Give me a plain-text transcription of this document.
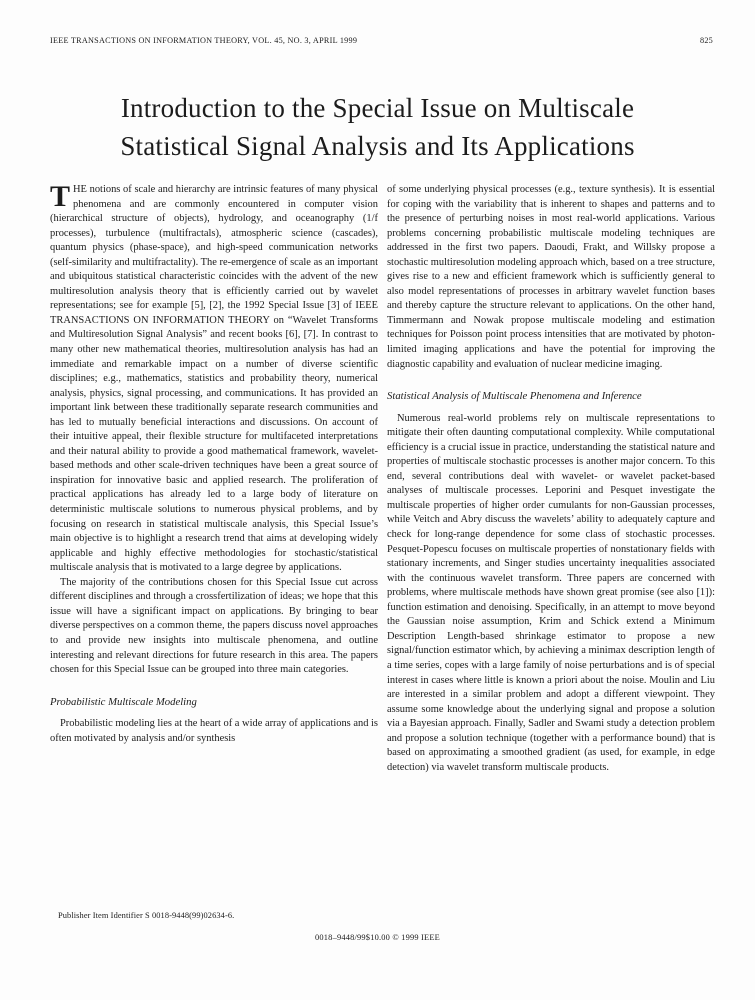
IEEE TRANSACTIONS ON INFORMATION THEORY, VOL. 45, NO. 3, APRIL 1999	825
Introduction to the Special Issue on Multiscale
Statistical Signal Analysis and Its Applications

THE notions of scale and hierarchy are intrinsic features of many physical phenomena and are commonly encountered in computer vision (hierarchical structure of objects), hydrology, and oceanography (1/f processes), turbulence (multifractals), atmospheric science (cascades), quantum physics (phase-space), and high-speed communication networks (self-similarity and multifractality). The re-emergence of scale as an important and ubiquitous statistical characteristic coincides with the advent of the new multiresolution analysis theory that is efficiently carried out by wavelet representations; see for example [5], [2], the 1992 Special Issue [3] of IEEE TRANSACTIONS ON INFORMATION THEORY on “Wavelet Transforms and Multiresolution Signal Analysis” and recent books [6], [7]. In contrast to many other new mathematical theories, multiresolution analysis has had an immediate and remarkable impact on a number of diverse scientific disciplines; e.g., mathematics, statistics and probability theory, numerical analysis, physics, signal processing, and communications. It has provided an important link between these traditionally separate research communities and has led to mutually beneficial interactions and discussions. On account of their intuitive appeal, their flexible structure for multifaceted interpretations and their natural ability to provide a good mathematical framework, wavelet-based methods and other scale-driven techniques have been a great source of inspiration for innovative basic and applied research. The proliferation of practical applications has already led to a large body of literature on deterministic multiscale solutions to numerous physical problems, and by focusing on research in statistical multiscale analysis, this Special Issue’s main objective is to highlight a research trend that aims at developing widely applicable and highly effective methodologies for stochastic/statistical multiscale analysis that is motivated to a large degree by applications.

The majority of the contributions chosen for this Special Issue cut across different disciplines and through a crossfertilization of ideas; we hope that this issue will have a significant impact on applications. By bringing to bear diverse perspectives on a common theme, the papers discuss novel approaches to and provide new insights into multiscale phenomena, and outline interesting and relevant directions for future research in this area. The papers chosen for this Special Issue can be grouped into three main categories.

Probabilistic Multiscale Modeling

Probabilistic modeling lies at the heart of a wide array of applications and is often motivated by analysis and/or synthesis

of some underlying physical processes (e.g., texture synthesis). It is essential for coping with the variability that is inherent to shapes and patterns and to the presence of perturbing noises in most real-world applications. Various problems concerning probabilistic multiscale modeling techniques are addressed in the first two papers. Daoudi, Frakt, and Willsky propose a stochastic multiresolution modeling approach which, based on a tree structure, gives rise to a new and efficient framework which is sufficiently general to also model representations of processes in arbitrary wavelet function bases and thereby capture the structure relevant to applications. On the other hand, Timmermann and Nowak propose multiscale modeling and estimation techniques for Poisson point process intensities that are motivated by photon-limited imaging applications and have the potential for improving the diagnostic capability and evaluation of nuclear medicine imaging.

Statistical Analysis of Multiscale Phenomena and Inference

Numerous real-world problems rely on multiscale representations to mitigate their often daunting computational complexity. While computational efficiency is a crucial issue in practice, understanding the statistical nature and properties of multiscale stochastic processes is another major concern. To this end, several contributions deal with wavelet- or wavelet packet-based analyses of multiscale processes. Leporini and Pesquet investigate the multiscale properties of higher order cumulants for non-Gaussian processes, while Veitch and Abry discuss the wavelets’ ability to adequately capture and check for long-range dependence for some class of stochastic processes. Pesquet-Popescu focuses on multiscale properties of nonstationary fields with stationary increments, and Singer studies uncertainty inequalities associated with the continuous wavelet transform. Three papers are concerned with problems, where multiscale methods have shown great promise (see also [1]): function estimation and denoising. Specifically, in an attempt to move beyond the Gaussian noise assumption, Krim and Schick extend a Minimum Description Length-based shrinkage estimator to propose a new signal/function estimator which, by achieving a minimax description length of a time series, copes with a large family of noise perturbations and is of special interest in cases where little is known a priori about the noise. Moulin and Liu are interested in a similar problem and adopt a different viewpoint. They assume some knowledge about the underlying signal and propose a solution via a Bayesian approach. Finally, Sadler and Swami study a detection problem and propose a solution technique (together with a performance bound) that is based on approximating a smoothed gradient (as used, for example, in edge detection) via wavelet transform multiscale products.

Publisher Item Identifier S 0018-9448(99)02634-6.
0018–9448/99$10.00 © 1999 IEEE
